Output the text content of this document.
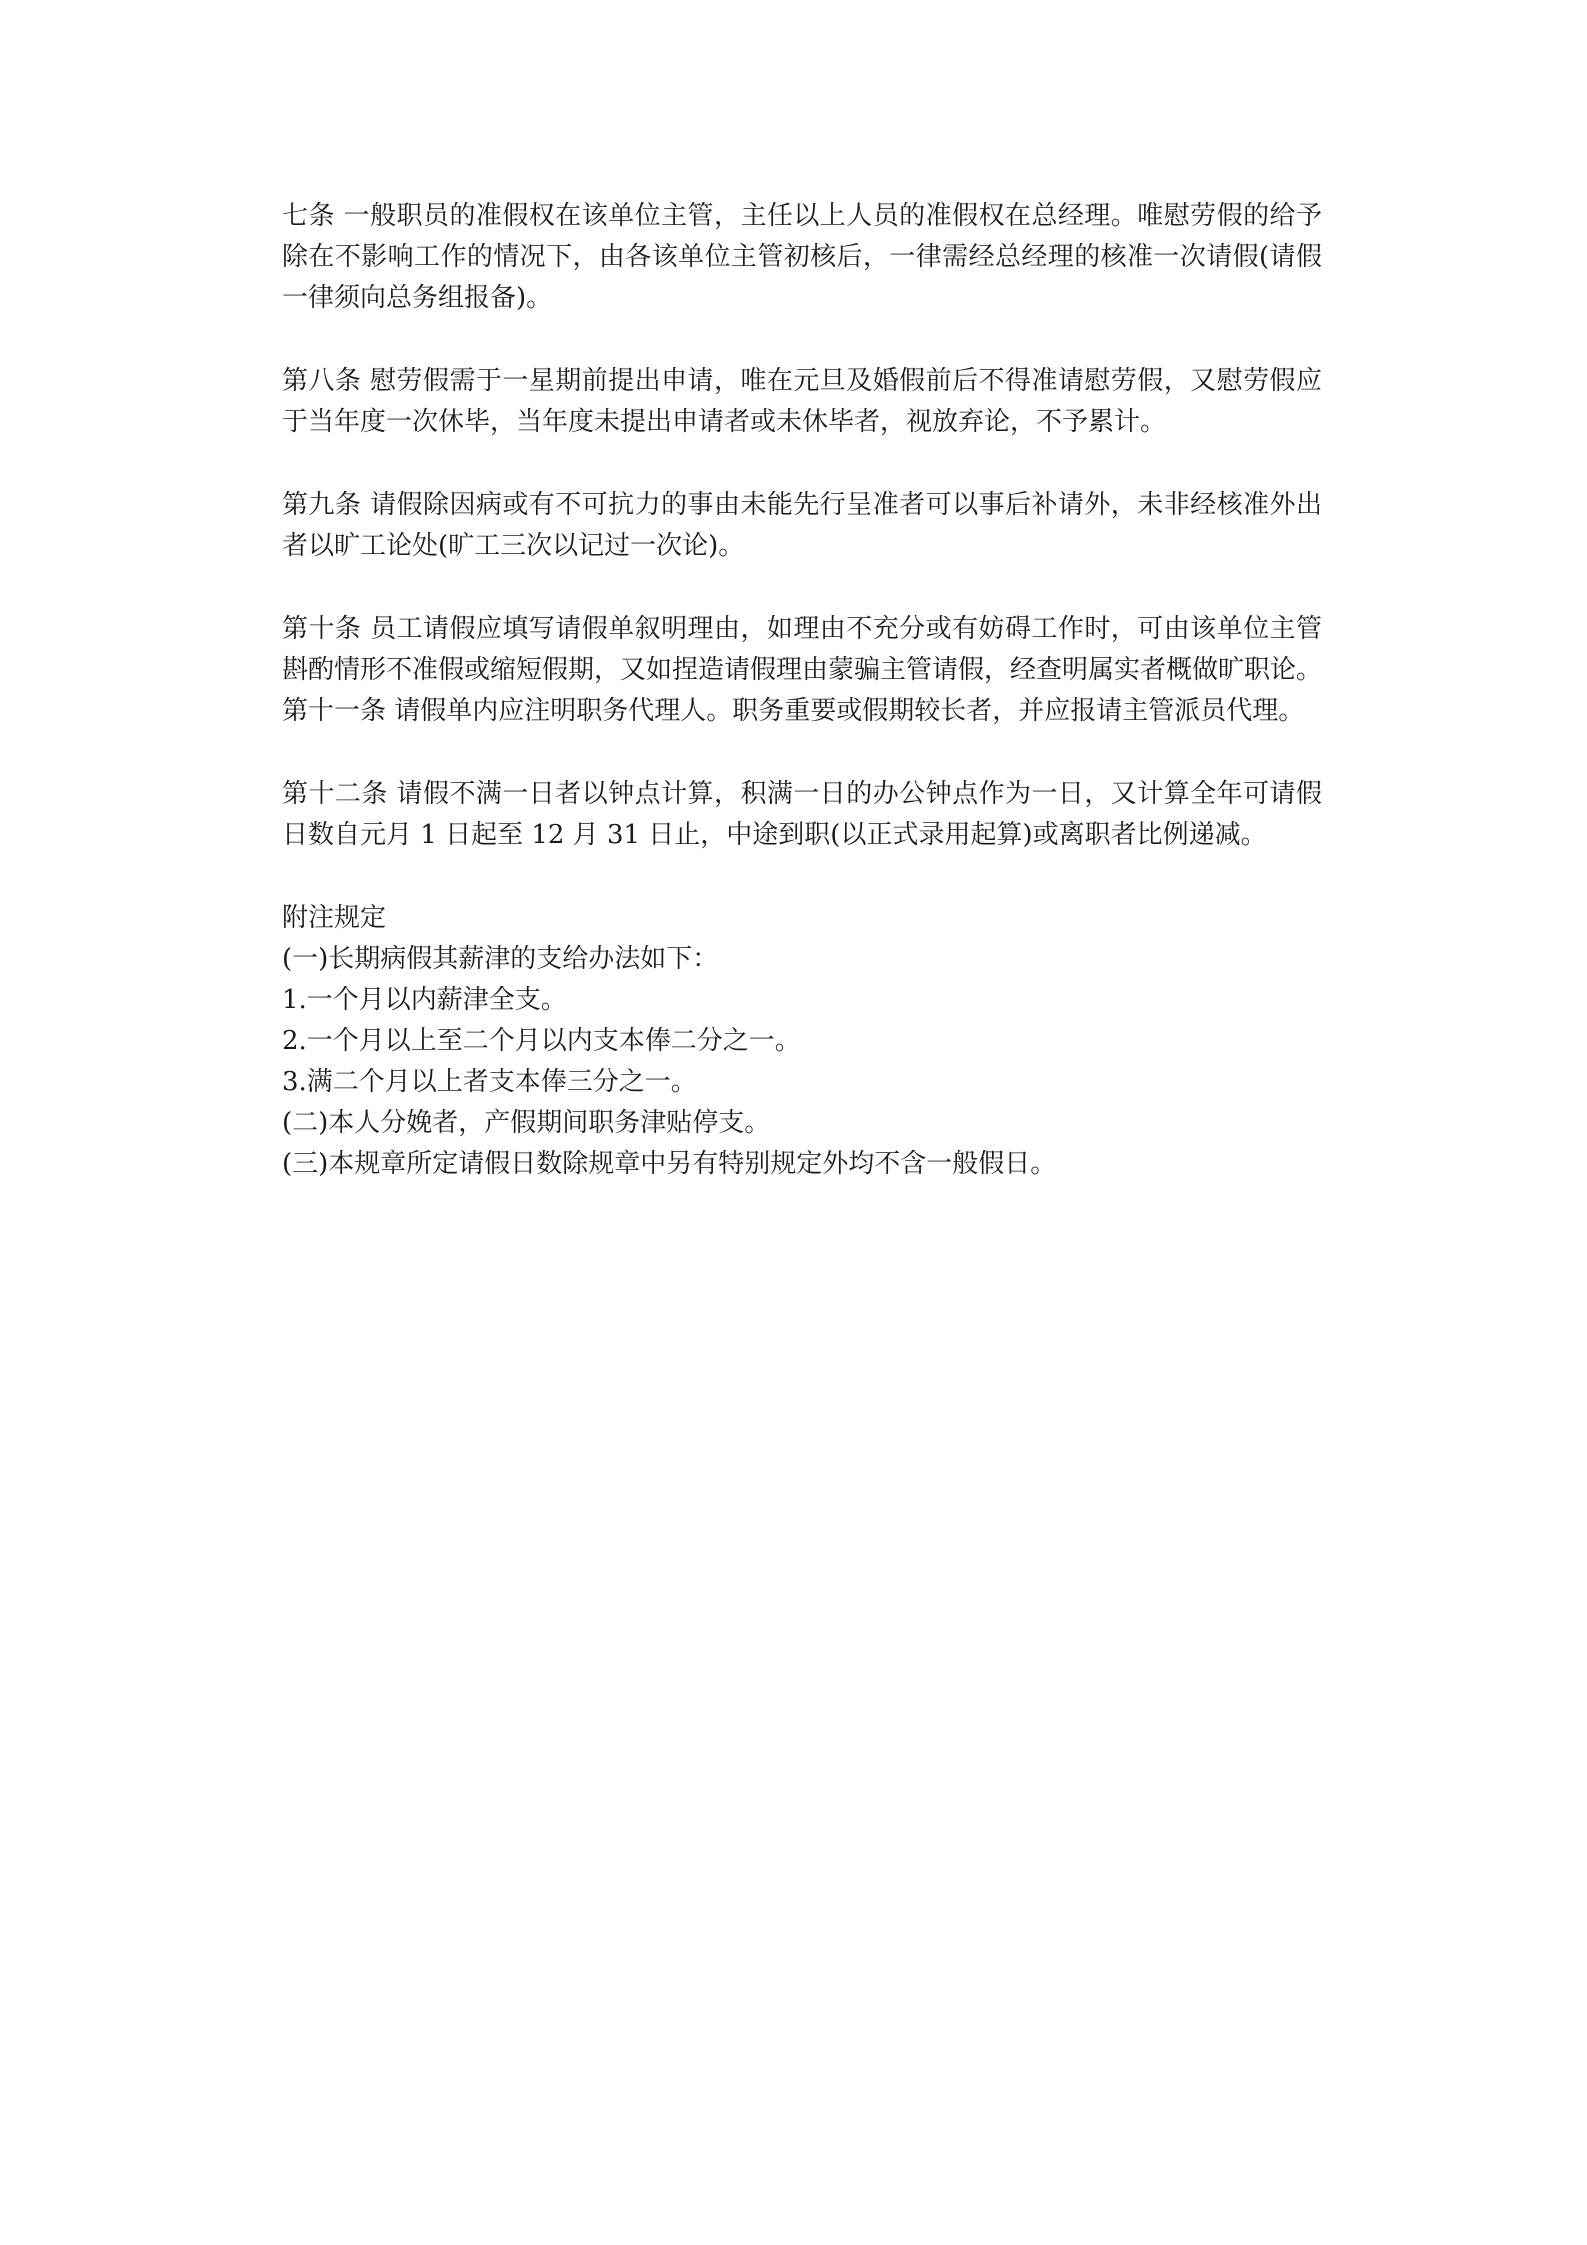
七条 一般职员的准假权在该单位主管，主任以上人员的准假权在总经理。唯慰劳假的给予除在不影响工作的情况下，由各该单位主管初核后，一律需经总经理的核准一次请假(请假一律须向总务组报备)。

第八条 慰劳假需于一星期前提出申请，唯在元旦及婚假前后不得准请慰劳假，又慰劳假应于当年度一次休毕，当年度未提出申请者或未休毕者，视放弃论，不予累计。

第九条 请假除因病或有不可抗力的事由未能先行呈准者可以事后补请外，未非经核准外出者以旷工论处(旷工三次以记过一次论)。

第十条 员工请假应填写请假单叙明理由，如理由不充分或有妨碍工作时，可由该单位主管斟酌情形不准假或缩短假期，又如捏造请假理由蒙骗主管请假，经查明属实者概做旷职论。

第十一条 请假单内应注明职务代理人。职务重要或假期较长者，并应报请主管派员代理。

第十二条 请假不满一日者以钟点计算，积满一日的办公钟点作为一日，又计算全年可请假日数自元月 1 日起至 12 月 31 日止，中途到职(以正式录用起算)或离职者比例递减。

附注规定

(一)长期病假其薪津的支给办法如下：

1.一个月以内薪津全支。

2.一个月以上至二个月以内支本俸二分之一。

3.满二个月以上者支本俸三分之一。

(二)本人分娩者，产假期间职务津贴停支。

(三)本规章所定请假日数除规章中另有特别规定外均不含一般假日。
